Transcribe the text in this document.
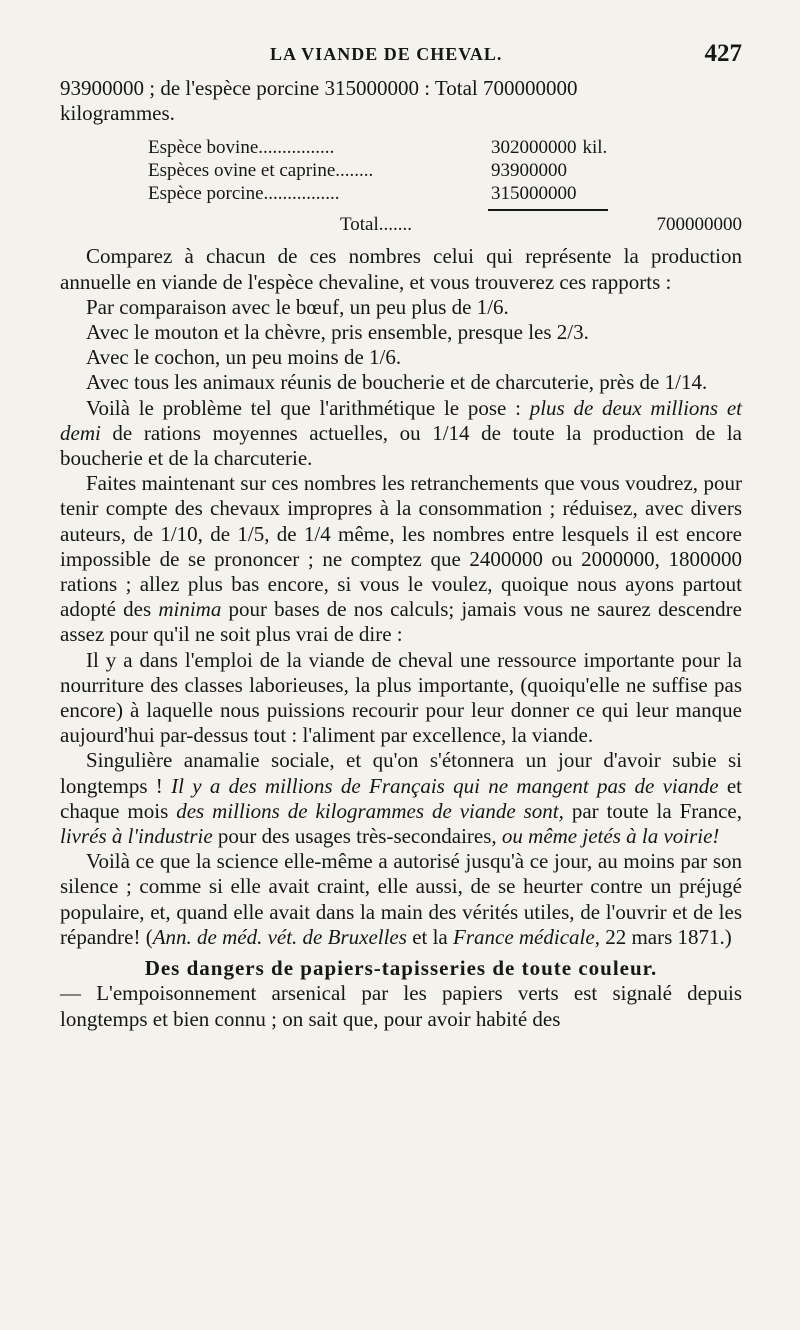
LA VIANDE DE CHEVAL.	427

93900000 ; de l'espèce porcine 315000000 : Total 700000000
kilogrammes.

Espèce bovine................	302000000 kil.
Espèces ovine et caprine........	93900000
Espèce porcine................	315000000
Total.......	700000000

Comparez à chacun de ces nombres celui qui représente la production annuelle en viande de l'espèce chevaline, et vous trouverez ces rapports :

Par comparaison avec le bœuf, un peu plus de 1/6.

Avec le mouton et la chèvre, pris ensemble, presque les 2/3.

Avec le cochon, un peu moins de 1/6.

Avec tous les animaux réunis de boucherie et de charcuterie, près de 1/14.

Voilà le problème tel que l'arithmétique le pose : plus de deux millions et demi de rations moyennes actuelles, ou 1/14 de toute la production de la boucherie et de la charcuterie.

Faites maintenant sur ces nombres les retranchements que vous voudrez, pour tenir compte des chevaux impropres à la consommation ; réduisez, avec divers auteurs, de 1/10, de 1/5, de 1/4 même, les nombres entre lesquels il est encore impossible de se prononcer ; ne comptez que 2400000 ou 2000000, 1800000 rations ; allez plus bas encore, si vous le voulez, quoique nous ayons partout adopté des minima pour bases de nos calculs; jamais vous ne saurez descendre assez pour qu'il ne soit plus vrai de dire :

Il y a dans l'emploi de la viande de cheval une ressource importante pour la nourriture des classes laborieuses, la plus importante, (quoiqu'elle ne suffise pas encore) à laquelle nous puissions recourir pour leur donner ce qui leur manque aujourd'hui par-dessus tout : l'aliment par excellence, la viande.

Singulière anamalie sociale, et qu'on s'étonnera un jour d'avoir subie si longtemps ! Il y a des millions de Français qui ne mangent pas de viande et chaque mois des millions de kilogrammes de viande sont, par toute la France, livrés à l'industrie pour des usages très-secondaires, ou même jetés à la voirie!

Voilà ce que la science elle-même a autorisé jusqu'à ce jour, au moins par son silence ; comme si elle avait craint, elle aussi, de se heurter contre un préjugé populaire, et, quand elle avait dans la main des vérités utiles, de l'ouvrir et de les répandre! (Ann. de méd. vét. de Bruxelles et la France médicale, 22 mars 1871.)

Des dangers de papiers-tapisseries de toute couleur.

— L'empoisonnement arsenical par les papiers verts est signalé depuis longtemps et bien connu ; on sait que, pour avoir habité des
